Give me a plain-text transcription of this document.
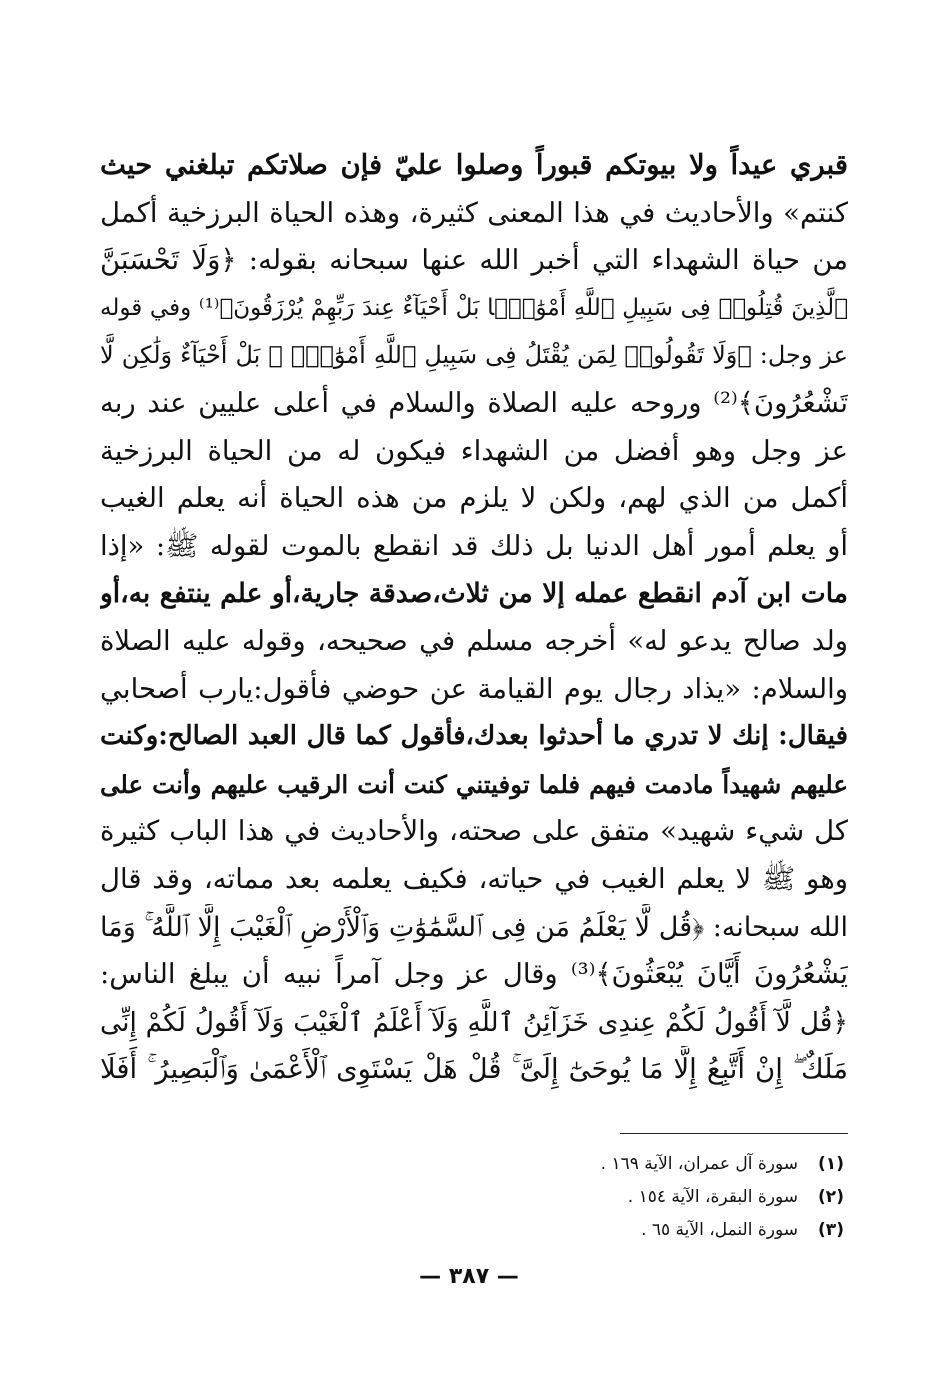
قبري عيداً ولا بيوتكم قبوراً وصلوا عليّ فإن صلاتكم تبلغني حيث
كنتم» والأحاديث في هذا المعنى كثيرة، وهذه الحياة البرزخية أكمل
من حياة الشهداء التي أخبر الله عنها سبحانه بقوله: ﴿وَلَا تَحْسَبَنَّ
ٱلَّذِينَ قُتِلُوا۟ فِى سَبِيلِ ٱللَّهِ أَمْوَٰتًۢا بَلْ أَحْيَآءٌ عِندَ رَبِّهِمْ يُرْزَقُونَ﴾⁽¹⁾ وفي قوله
عز وجل: ﴿وَلَا تَقُولُوا۟ لِمَن يُقْتَلُ فِى سَبِيلِ ٱللَّهِ أَمْوَٰتٌۢ ۚ بَلْ أَحْيَآءٌ وَلَٰكِن لَّا
تَشْعُرُونَ﴾⁽²⁾ وروحه عليه الصلاة والسلام في أعلى عليين عند ربه
عز وجل وهو أفضل من الشهداء فيكون له من الحياة البرزخية
أكمل من الذي لهم، ولكن لا يلزم من هذه الحياة أنه يعلم الغيب
أو يعلم أمور أهل الدنيا بل ذلك قد انقطع بالموت لقوله ﷺ: «إذا
مات ابن آدم انقطع عمله إلا من ثلاث،صدقة جارية،أو علم ينتفع به،أو
ولد صالح يدعو له» أخرجه مسلم في صحيحه، وقوله عليه الصلاة
والسلام: «يذاد رجال يوم القيامة عن حوضي فأقول:يارب أصحابي
فيقال: إنك لا تدري ما أحدثوا بعدك،فأقول كما قال العبد الصالح:وكنت
عليهم شهيداً مادمت فيهم فلما توفيتني كنت أنت الرقيب عليهم وأنت على
كل شيء شهيد» متفق على صحته، والأحاديث في هذا الباب كثيرة
وهو ﷺ لا يعلم الغيب في حياته، فكيف يعلمه بعد مماته، وقد قال
الله سبحانه: ﴿قُل لَّا يَعْلَمُ مَن فِى ٱلسَّمَٰوَٰتِ وَٱلْأَرْضِ ٱلْغَيْبَ إِلَّا ٱللَّهُ ۚ وَمَا
يَشْعُرُونَ أَيَّانَ يُبْعَثُونَ﴾⁽³⁾ وقال عز وجل آمراً نبيه أن يبلغ الناس:
﴿قُل لَّآ أَقُولُ لَكُمْ عِندِى خَزَآئِنُ ٱللَّهِ وَلَآ أَعْلَمُ ٱلْغَيْبَ وَلَآ أَقُولُ لَكُمْ إِنِّى
مَلَكٌ ۖ إِنْ أَتَّبِعُ إِلَّا مَا يُوحَىٰٓ إِلَىَّ ۚ قُلْ هَلْ يَسْتَوِى ٱلْأَعْمَىٰ وَٱلْبَصِيرُ ۚ أَفَلَا
(١)
سورة آل عمران، الآية ١٦٩ .
(٢)
سورة البقرة، الآية ١٥٤ .
(٣)
سورة النمل، الآية ٦٥ .
— ٣٨٧ —
